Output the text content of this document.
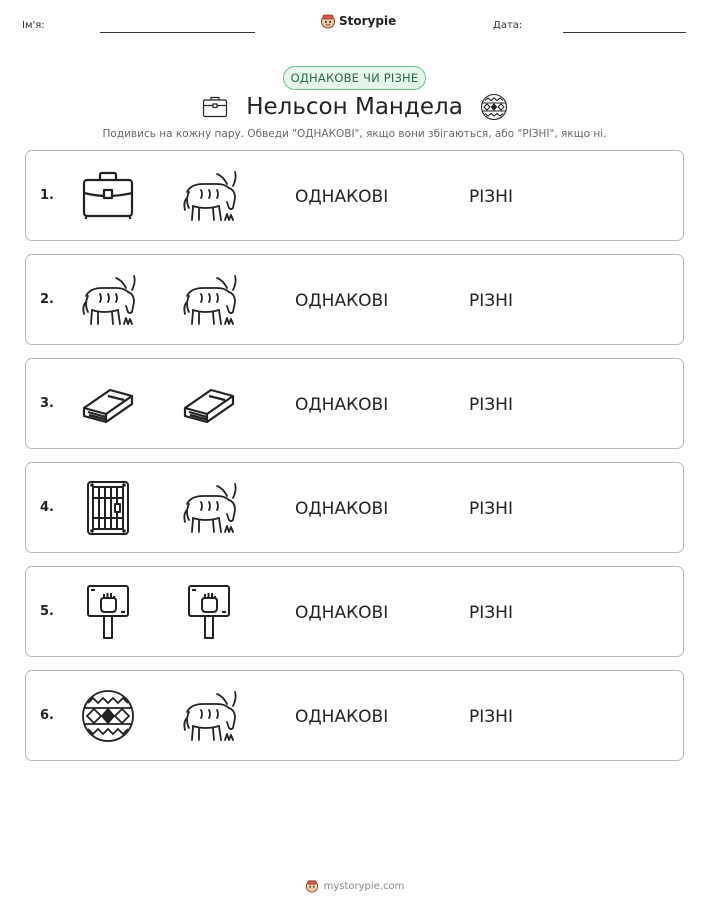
Ім'я:	Storypie	Дата:
ОДНАКОВЕ ЧИ РІЗНЕ
Нельсон Мандела
Подивись на кожну пару. Обведи "ОДНАКОВІ", якщо вони збігаються, або "РІЗНІ", якщо ні.
1.	ОДНАКОВІ	РІЗНІ
2.	ОДНАКОВІ	РІЗНІ
3.	ОДНАКОВІ	РІЗНІ
4.	ОДНАКОВІ	РІЗНІ
5.	ОДНАКОВІ	РІЗНІ
6.	ОДНАКОВІ	РІЗНІ
mystorypie.com
